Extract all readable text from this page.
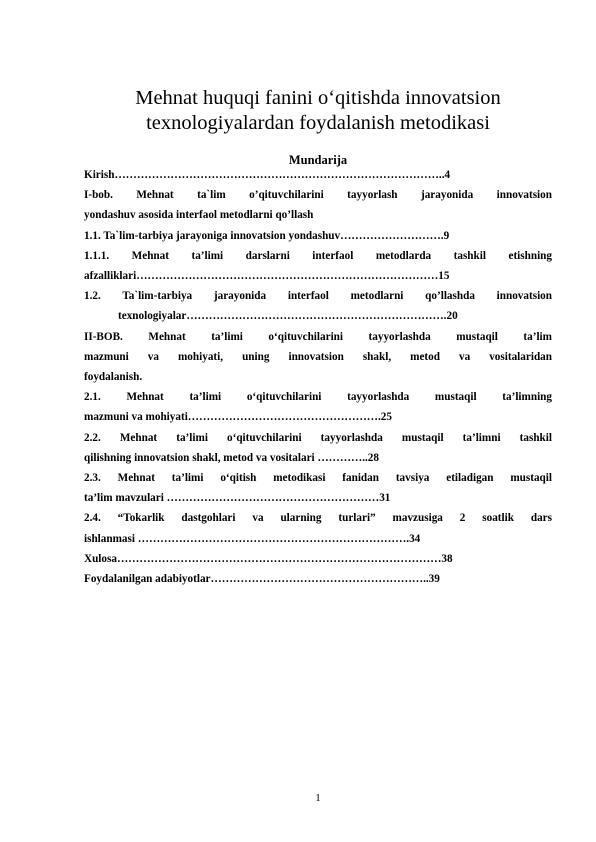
Mehnat huquqi fanini o‘qitishda innovatsion
texnologiyalardan foydalanish metodikasi
Mundarija
Kirish……………………………………………………………………………..4
I-bob. Mehnat ta`lim o’qituvchilarini tayyorlash jarayonida innovatsion
yondashuv asosida interfaol metodlarni qo’llash
1.1. Ta`lim-tarbiya jarayoniga innovatsion yondashuv……………………….9
1.1.1. Mehnat ta’limi darslarni interfaol metodlarda tashkil etishning
afzalliklari………………………………………………………………………15
1.2. Ta`lim-tarbiya jarayonida interfaol metodlarni qo’llashda innovatsion
texnologiyalar…………………………………………………………….20
II-BOB. Mehnat ta’limi o‘qituvchilarini tayyorlashda mustaqil ta’lim
mazmuni va mohiyati, uning innovatsion shakl, metod va vositalaridan
foydalanish.
2.1. Mehnat ta’limi o‘qituvchilarini tayyorlashda mustaqil ta’limning
mazmuni va mohiyati…………………………………………….25
2.2. Mehnat ta’limi o‘qituvchilarini tayyorlashda mustaqil ta’limni tashkil
qilishning innovatsion shakl, metod va vositalari …………..28
2.3. Mehnat ta’limi o‘qitish metodikasi fanidan tavsiya etiladigan mustaqil
ta’lim mavzulari …………………………………………………31
2.4. “Tokarlik dastgohlari va ularning turlari” mavzusiga 2 soatlik dars
ishlanmasi ……………………………………………………………….34
Xulosa……………………………………………………………………………38
Foydalanilgan adabiyotlar…………………………………………………..39
1
